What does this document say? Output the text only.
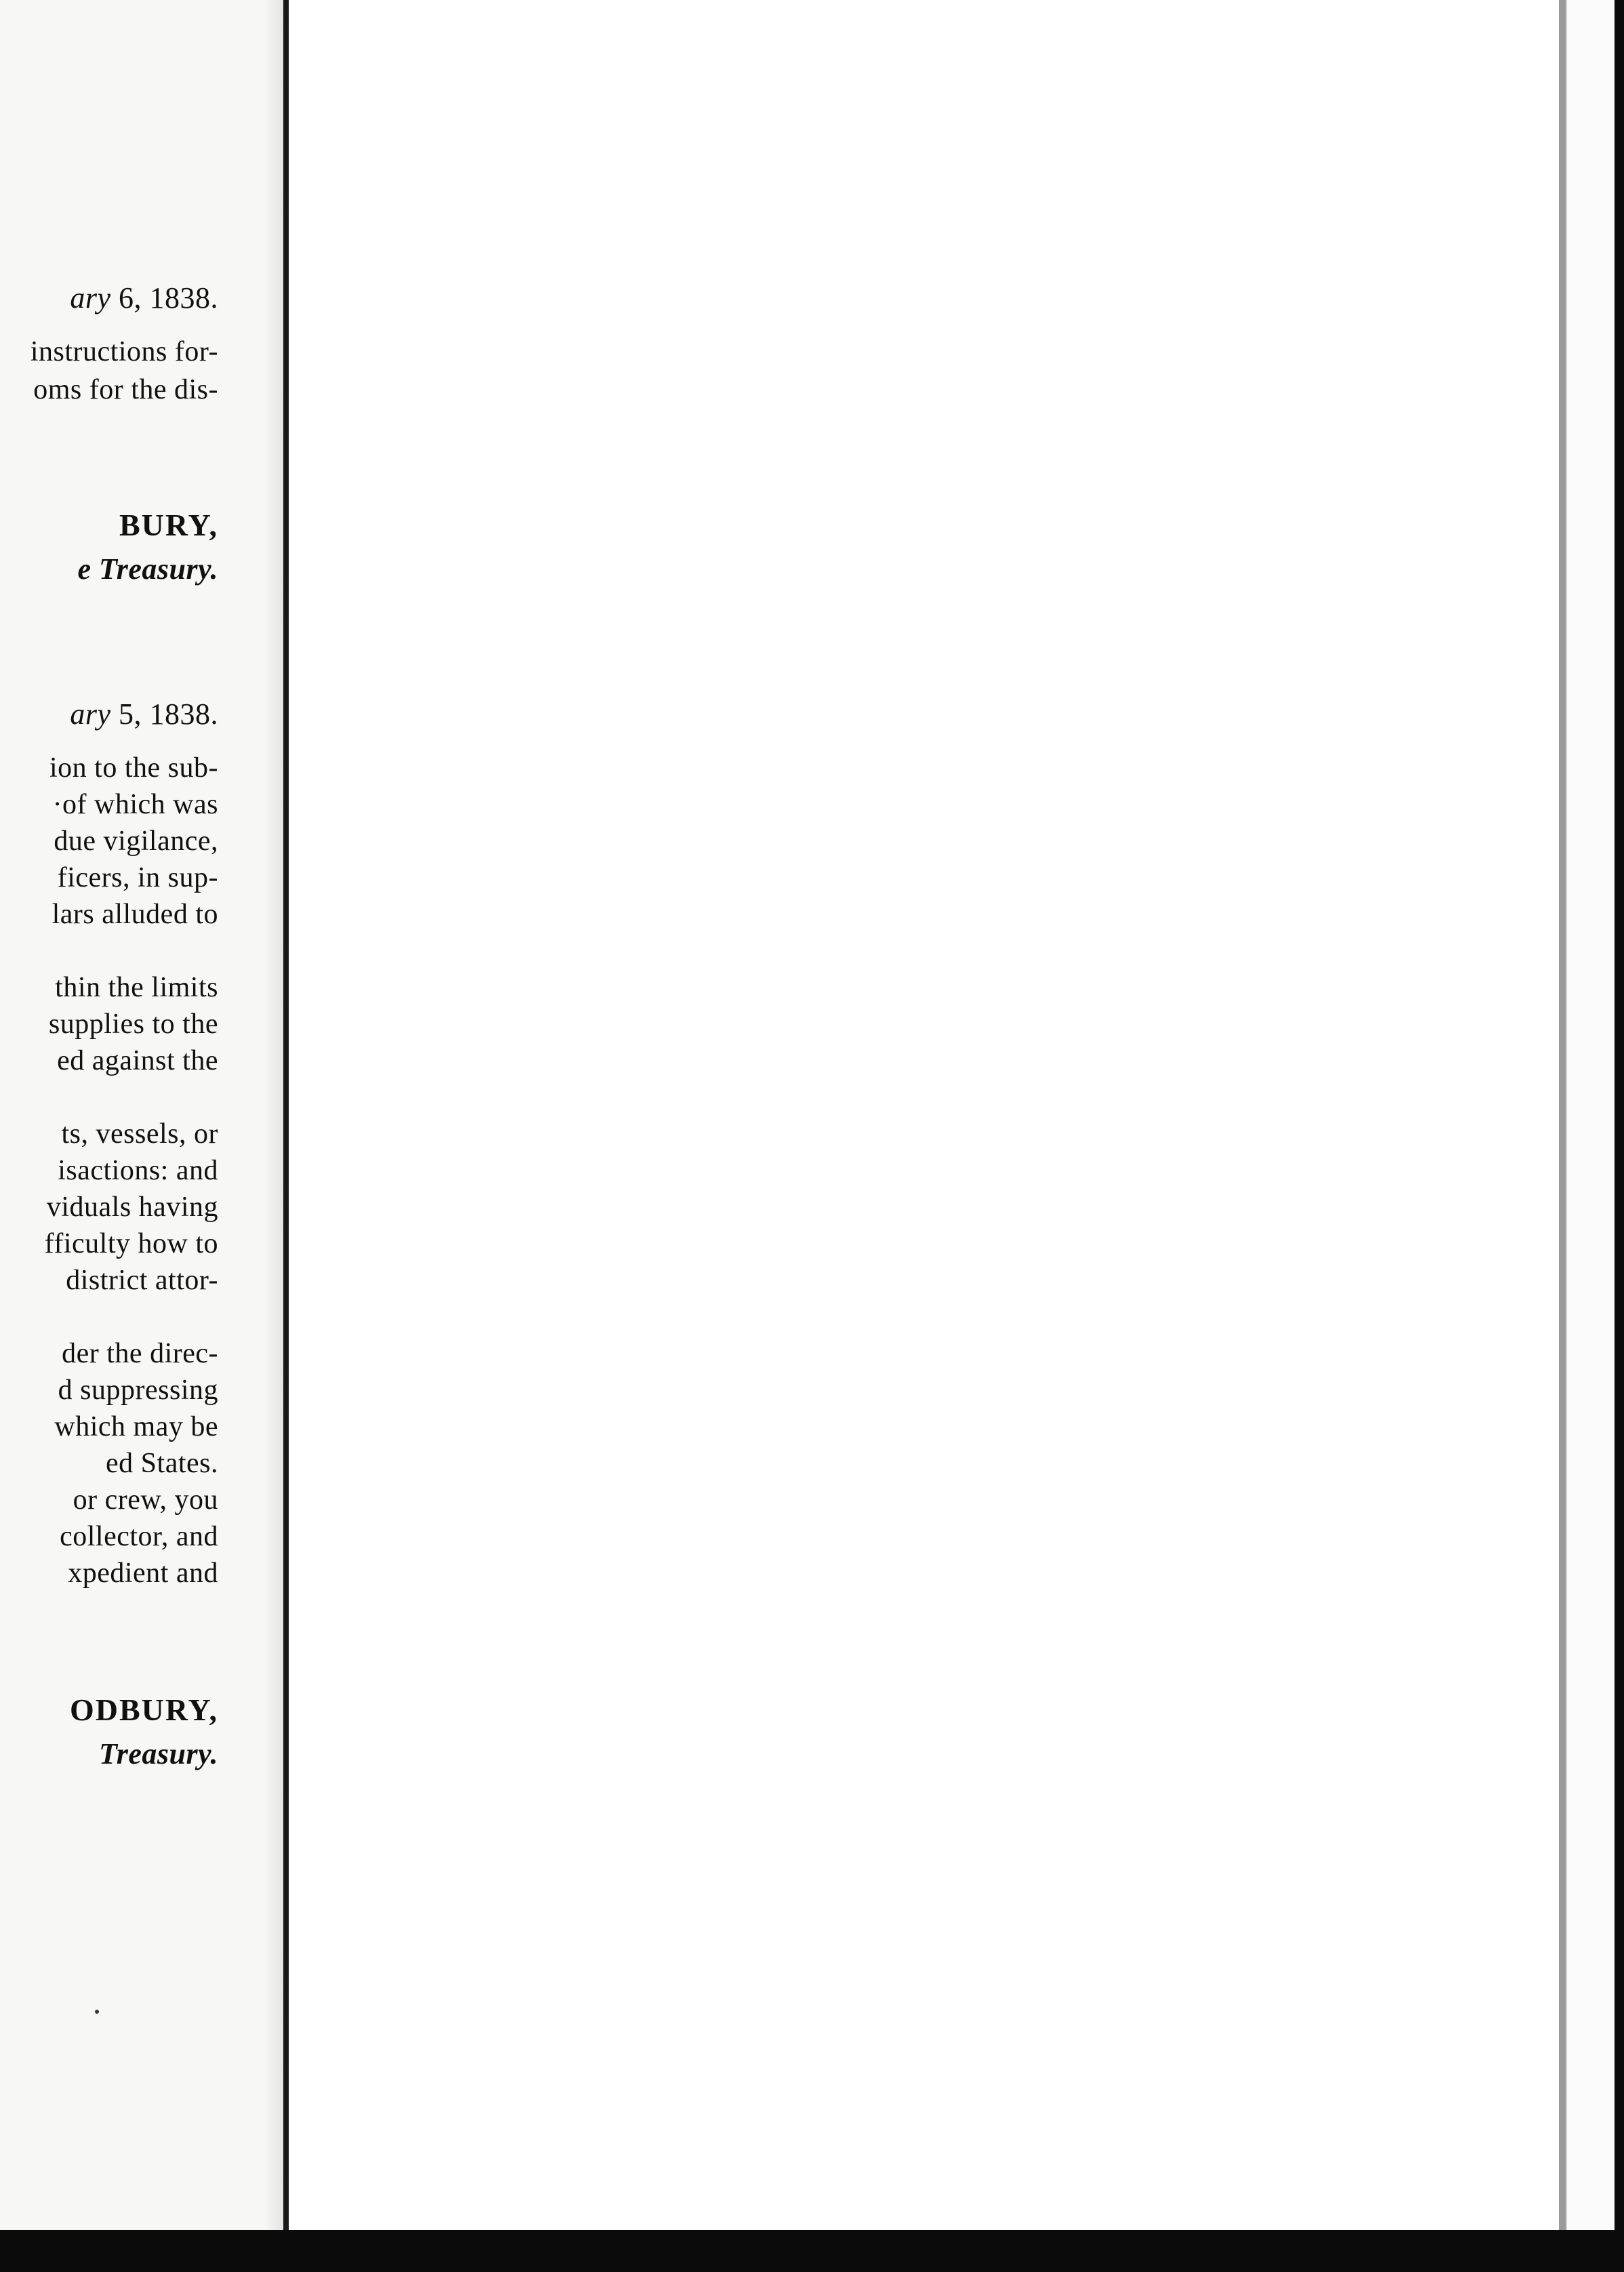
ary 6, 1838.
instructions for-
oms for the dis-
BURY,
e Treasury.
ary 5, 1838.
ion to the sub-
·of which was
due vigilance,
ficers, in sup-
lars alluded to
thin the limits
supplies to the
ed against the
ts, vessels, or
isactions: and
viduals having
fficulty how to
district attor-
der the direc-
d suppressing
which may be
ed States.
or crew, you
collector, and
xpedient and
ODBURY,
Treasury.
